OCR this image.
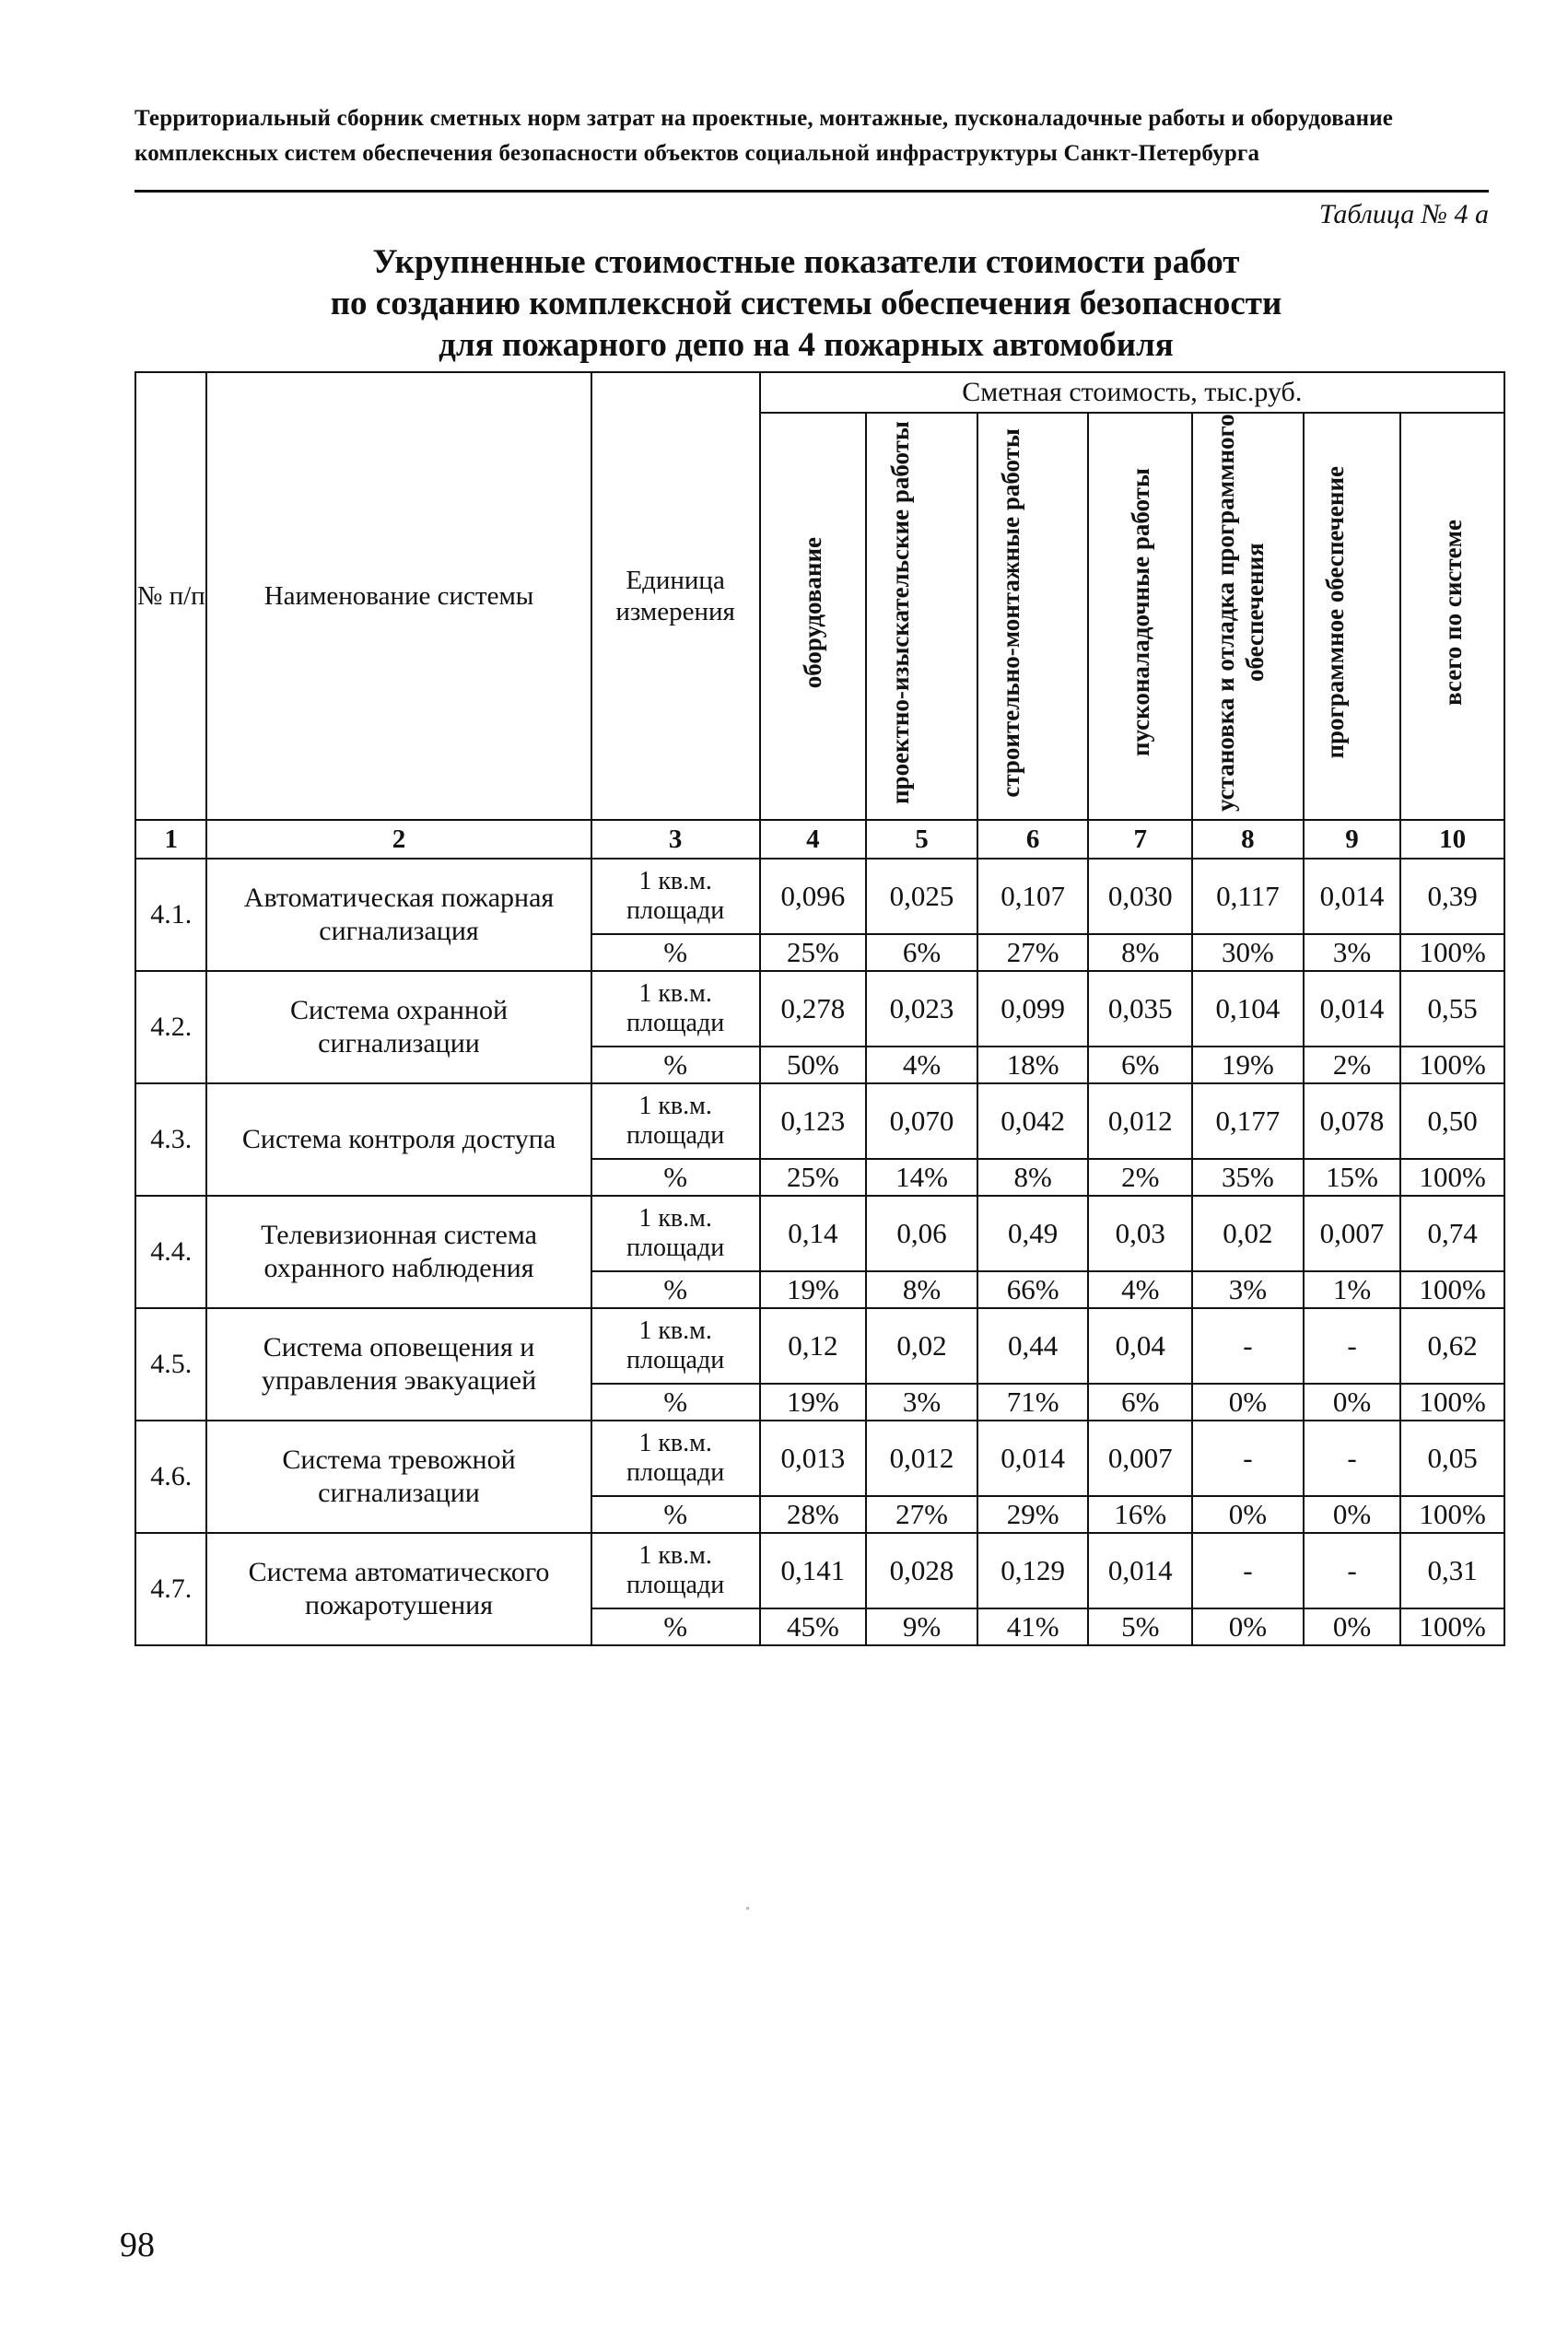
Территориальный сборник сметных норм затрат на проектные, монтажные, пусконаладочные работы и оборудование
комплексных систем обеспечения безопасности объектов социальной инфраструктуры Санкт-Петербурга
Таблица № 4 а
Укрупненные стоимостные показатели стоимости работ
по созданию комплексной системы обеспечения безопасности
для пожарного депо на 4 пожарных автомобиля
№ п/п	Наименование системы	Единица измерения	Сметная стоимость, тыс.руб.						
			оборудование	проектно-изыскательские работы	строительно-монтажные работы	пусконаладочные работы	установка и отладка программного обеспечения	программное обеспечение	всего по системе
1	2	3	4	5	6	7	8	9	10
4.1.	Автоматическая пожарная сигнализация	1 кв.м. площади	0,096	0,025	0,107	0,030	0,117	0,014	0,39
		%	25%	6%	27%	8%	30%	3%	100%
4.2.	Система охранной сигнализации	1 кв.м. площади	0,278	0,023	0,099	0,035	0,104	0,014	0,55
		%	50%	4%	18%	6%	19%	2%	100%
4.3.	Система контроля доступа	1 кв.м. площади	0,123	0,070	0,042	0,012	0,177	0,078	0,50
		%	25%	14%	8%	2%	35%	15%	100%
4.4.	Телевизионная система охранного наблюдения	1 кв.м. площади	0,14	0,06	0,49	0,03	0,02	0,007	0,74
		%	19%	8%	66%	4%	3%	1%	100%
4.5.	Система оповещения и управления эвакуацией	1 кв.м. площади	0,12	0,02	0,44	0,04	-	-	0,62
		%	19%	3%	71%	6%	0%	0%	100%
4.6.	Система тревожной сигнализации	1 кв.м. площади	0,013	0,012	0,014	0,007	-	-	0,05
		%	28%	27%	29%	16%	0%	0%	100%
4.7.	Система автоматического пожаротушения	1 кв.м. площади	0,141	0,028	0,129	0,014	-	-	0,31
		%	45%	9%	41%	5%	0%	0%	100%
98
